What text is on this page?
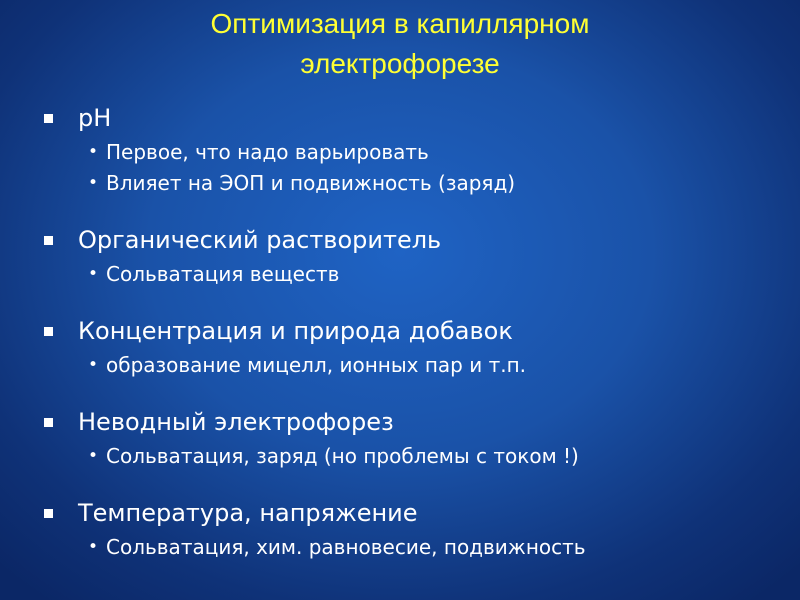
Оптимизация в капиллярном
электрофорезе
pH
• Первое, что надо варьировать
• Влияет на ЭОП и подвижность (заряд)
Органический растворитель
• Сольватация веществ
Концентрация и природа добавок
• образование мицелл, ионных пар и т.п.
Неводный электрофорез
• Сольватация, заряд (но проблемы с током !)
Температура, напряжение
• Сольватация, хим. равновесие, подвижность
